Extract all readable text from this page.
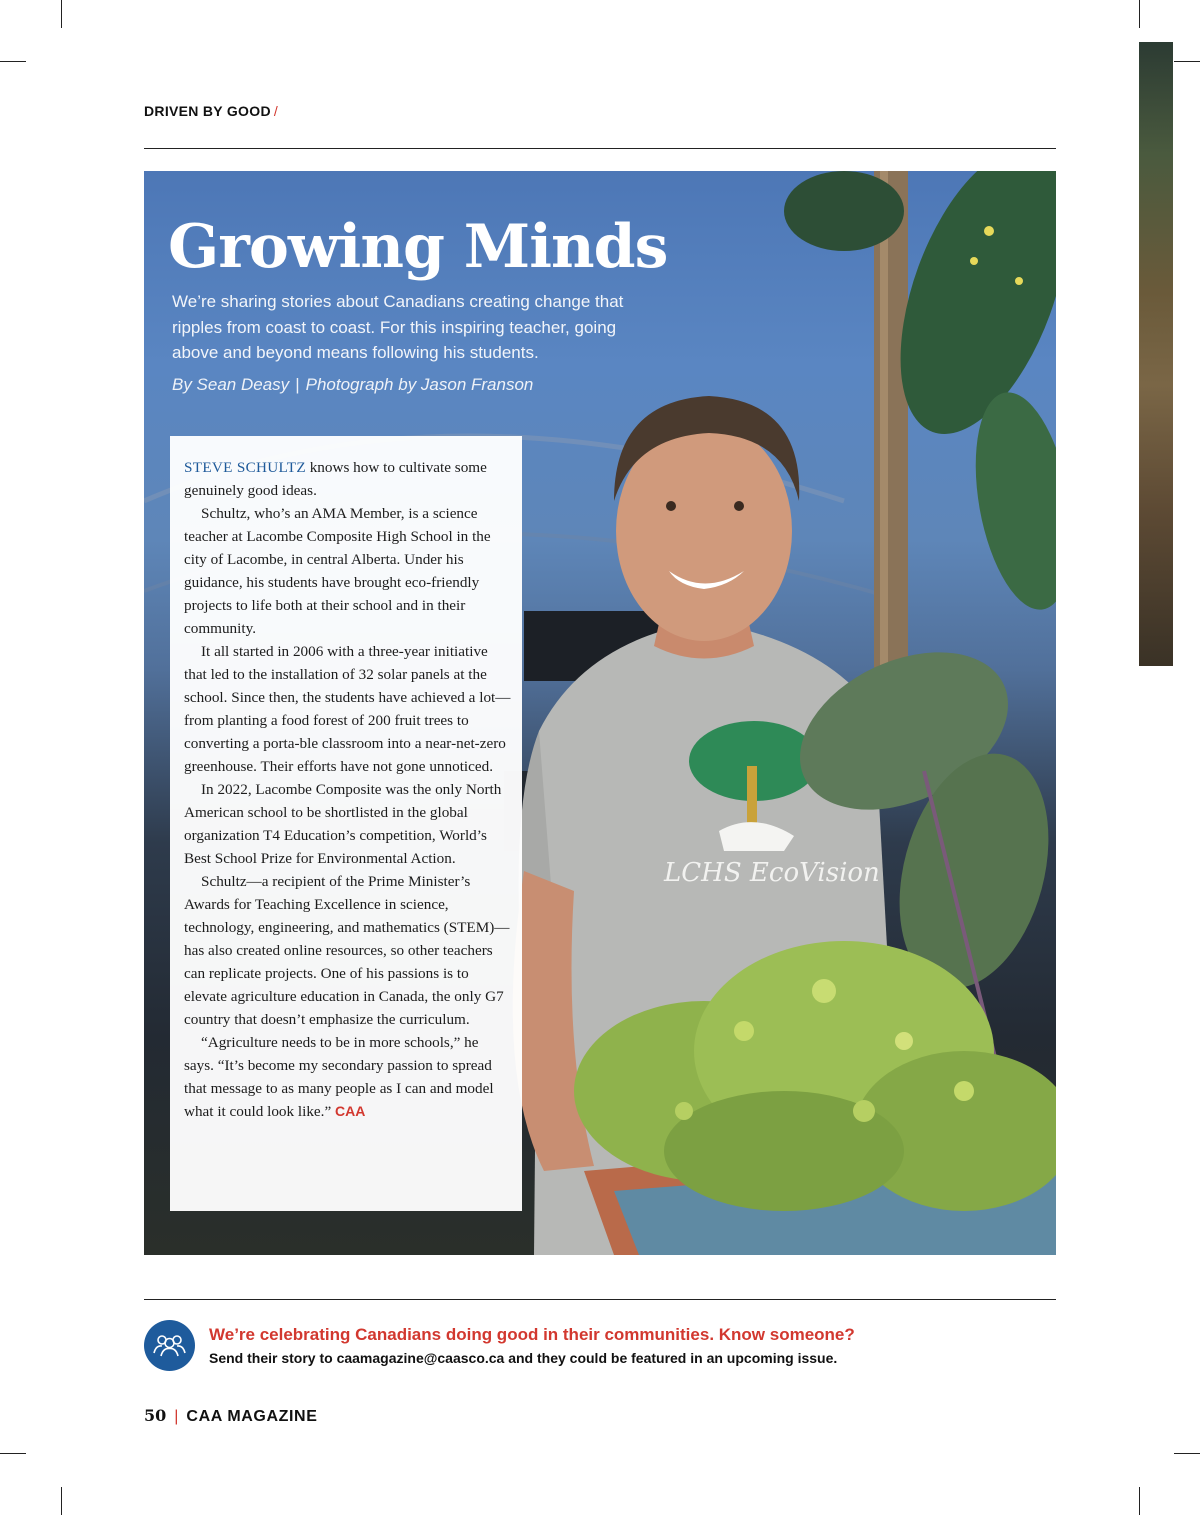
DRIVEN BY GOOD /
LCHS EcoVision
Growing Minds
We’re sharing stories about Canadians creating change that ripples from coast to coast. For this inspiring teacher, going above and beyond means following his students.
By Sean Deasy | Photograph by Jason Franson

STEVE SCHULTZ knows how to cultivate some genuinely good ideas.

Schultz, who’s an AMA Member, is a science teacher at Lacombe Composite High School in the city of Lacombe, in central Alberta. Under his guidance, his students have brought eco-friendly projects to life both at their school and in their community.

It all started in 2006 with a three-year initiative that led to the installation of 32 solar panels at the school. Since then, the students have achieved a lot—from planting a food forest of 200 fruit trees to converting a porta-ble classroom into a near-net-zero greenhouse. Their efforts have not gone unnoticed.

In 2022, Lacombe Composite was the only North American school to be shortlisted in the global organization T4 Education’s competition, World’s Best School Prize for Environmental Action.

Schultz—a recipient of the Prime Minister’s Awards for Teaching Excellence in science, technology, engineering, and mathematics (STEM)—has also created online resources, so other teachers can replicate projects. One of his passions is to elevate agriculture education in Canada, the only G7 country that doesn’t emphasize the curriculum.

“Agriculture needs to be in more schools,” he says. “It’s become my secondary passion to spread that message to as many people as I can and model what it could look like.” CAA

We’re celebrating Canadians doing good in their communities. Know someone?
Send their story to caamagazine@caasco.ca and they could be featured in an upcoming issue.
50 | CAA MAGAZINE
